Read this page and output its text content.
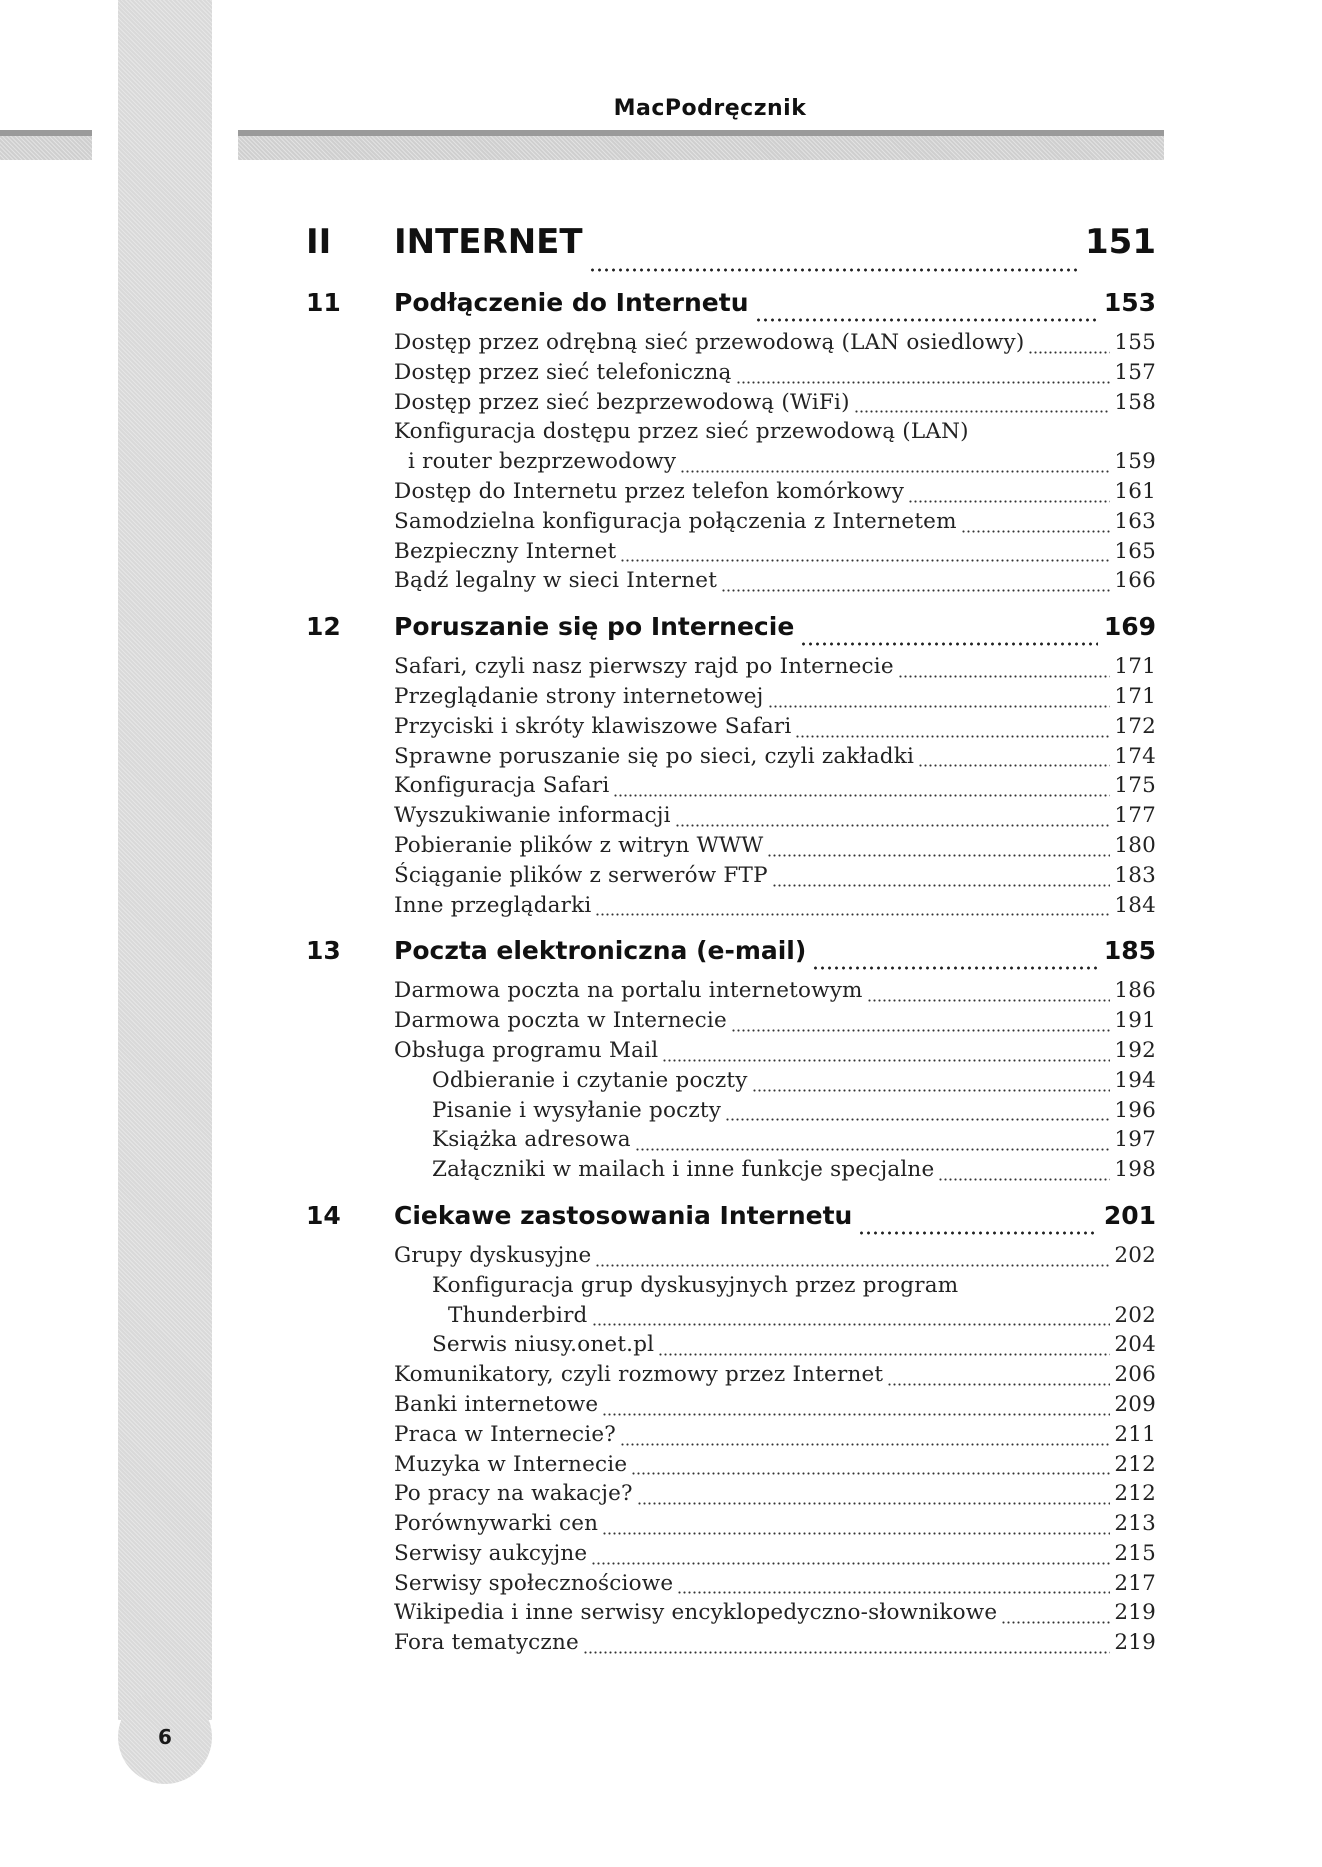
6
MacPodręcznik
II	INTERNET	151
11	Podłączenie do Internetu	153
Dostęp przez odrębną sieć przewodową (LAN osiedlowy)	155
Dostęp przez sieć telefoniczną	157
Dostęp przez sieć bezprzewodową (WiFi)	158
Konfiguracja dostępu przez sieć przewodową (LAN)
i router bezprzewodowy	159
Dostęp do Internetu przez telefon komórkowy	161
Samodzielna konfiguracja połączenia z Internetem	163
Bezpieczny Internet	165
Bądź legalny w sieci Internet	166
12	Poruszanie się po Internecie	169
Safari, czyli nasz pierwszy rajd po Internecie	171
Przeglądanie strony internetowej	171
Przyciski i skróty klawiszowe Safari	172
Sprawne poruszanie się po sieci, czyli zakładki	174
Konfiguracja Safari	175
Wyszukiwanie informacji	177
Pobieranie plików z witryn WWW	180
Ściąganie plików z serwerów FTP	183
Inne przeglądarki	184
13	Poczta elektroniczna (e-mail)	185
Darmowa poczta na portalu internetowym	186
Darmowa poczta w Internecie	191
Obsługa programu Mail	192
Odbieranie i czytanie poczty	194
Pisanie i wysyłanie poczty	196
Książka adresowa	197
Załączniki w mailach i inne funkcje specjalne	198
14	Ciekawe zastosowania Internetu	201
Grupy dyskusyjne	202
Konfiguracja grup dyskusyjnych przez program
Thunderbird	202
Serwis niusy.onet.pl	204
Komunikatory, czyli rozmowy przez Internet	206
Banki internetowe	209
Praca w Internecie?	211
Muzyka w Internecie	212
Po pracy na wakacje?	212
Porównywarki cen	213
Serwisy aukcyjne	215
Serwisy społecznościowe	217
Wikipedia i inne serwisy encyklopedyczno-słownikowe	219
Fora tematyczne	219
